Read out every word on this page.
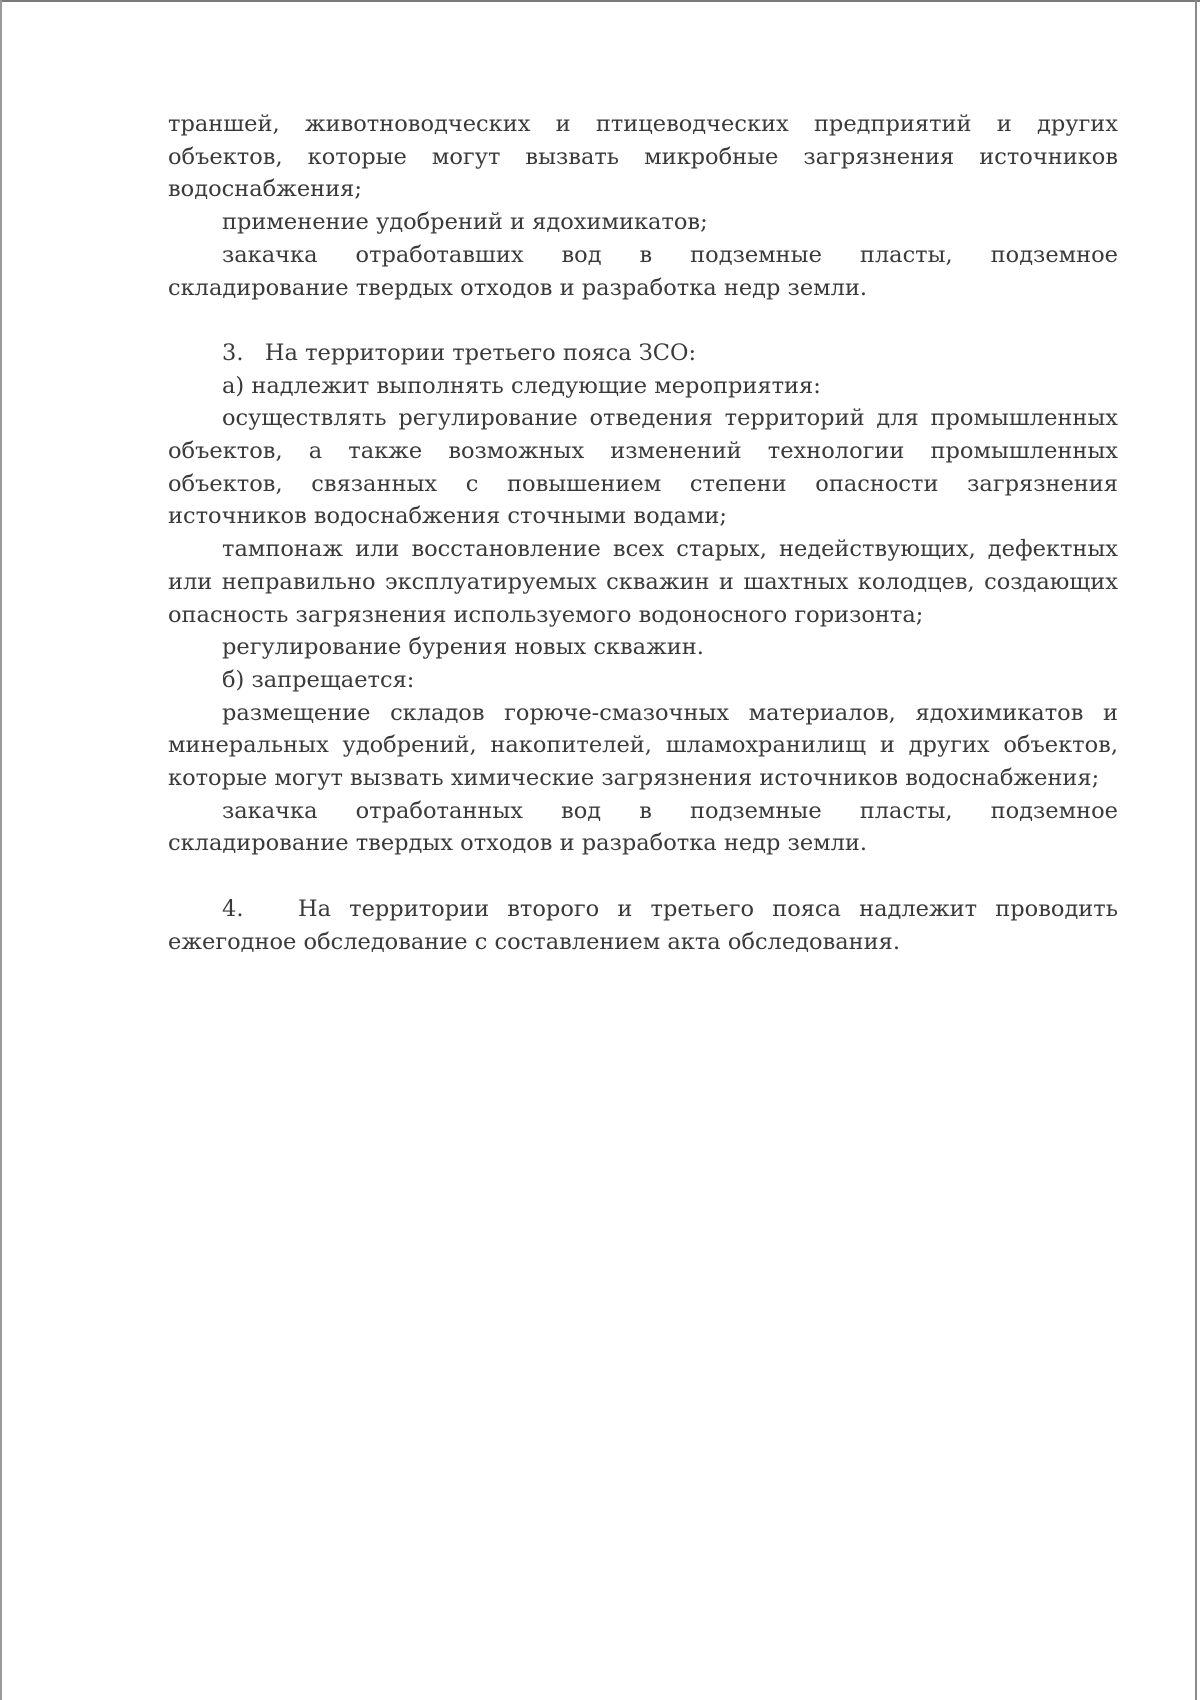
траншей, животноводческих и птицеводческих предприятий и других объектов, которые могут вызвать микробные загрязнения источников водоснабжения;

применение удобрений и ядохимикатов;

закачка отработавших вод в подземные пласты, подземное складирование твердых отходов и разработка недр земли.

3.   На территории третьего пояса ЗСО:

а) надлежит выполнять следующие мероприятия:

осуществлять регулирование отведения территорий для промышленных объектов, а также возможных изменений технологии промышленных объектов, связанных с повышением степени опасности загрязнения источников водоснабжения сточными водами;

тампонаж или восстановление всех старых, недействующих, дефектных или неправильно эксплуатируемых скважин и шахтных колодцев, создающих опасность загрязнения используемого водоносного горизонта;

регулирование бурения новых скважин.

б) запрещается:

размещение складов горюче-смазочных материалов, ядохимикатов и минеральных удобрений, накопителей, шламохранилищ и других объектов, которые могут вызвать химические загрязнения источников водоснабжения;

закачка отработанных вод в подземные пласты, подземное складирование твердых отходов и разработка недр земли.

4.   На территории второго и третьего пояса надлежит проводить ежегодное обследование с составлением акта обследования.
